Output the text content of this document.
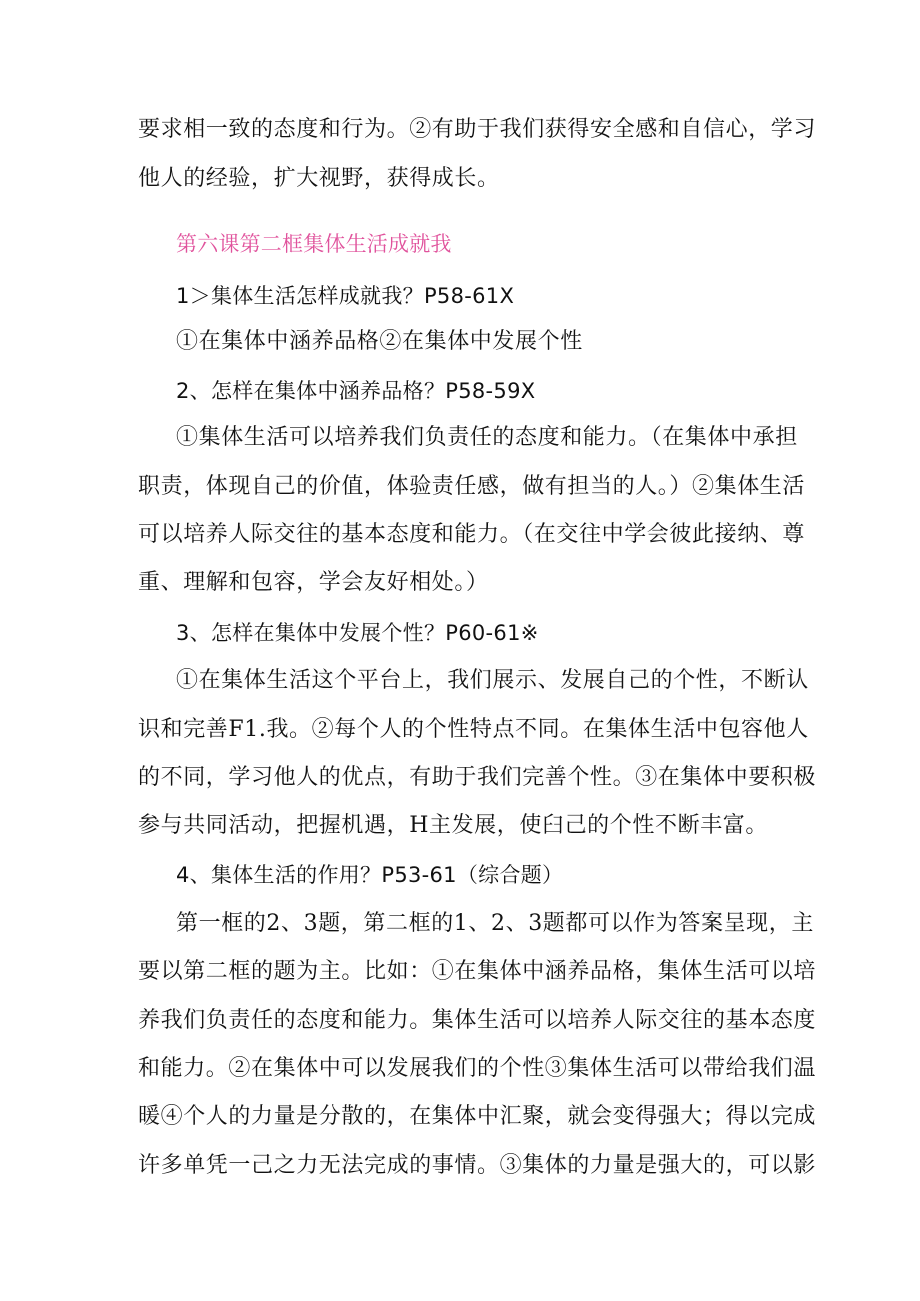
要求相一致的态度和行为。②有助于我们获得安全感和自信心，学习
他人的经验，扩大视野，获得成长。
第六课第二框集体生活成就我
1＞集体生活怎样成就我？P58-61X
①在集体中涵养品格②在集体中发展个性
2、怎样在集体中涵养品格？P58-59X
①集体生活可以培养我们负责任的态度和能力。（在集体中承担
职责，体现自己的价值，体验责任感，做有担当的人。）②集体生活
可以培养人际交往的基本态度和能力。（在交往中学会彼此接纳、尊
重、理解和包容，学会友好相处。）
3、怎样在集体中发展个性？P60-61※
①在集体生活这个平台上，我们展示、发展自己的个性，不断认
识和完善F1.我。②每个人的个性特点不同。在集体生活中包容他人
的不同，学习他人的优点，有助于我们完善个性。③在集体中要积极
参与共同活动，把握机遇，H主发展，使臼己的个性不断丰富。
4、集体生活的作用？P53-61（综合题）
第一框的2、3题，第二框的1、2、3题都可以作为答案呈现，主
要以第二框的题为主。比如：①在集体中涵养品格，集体生活可以培
养我们负责任的态度和能力。集体生活可以培养人际交往的基本态度
和能力。②在集体中可以发展我们的个性③集体生活可以带给我们温
暖④个人的力量是分散的，在集体中汇聚，就会变得强大；得以完成
许多单凭一己之力无法完成的事情。③集体的力量是强大的，可以影
